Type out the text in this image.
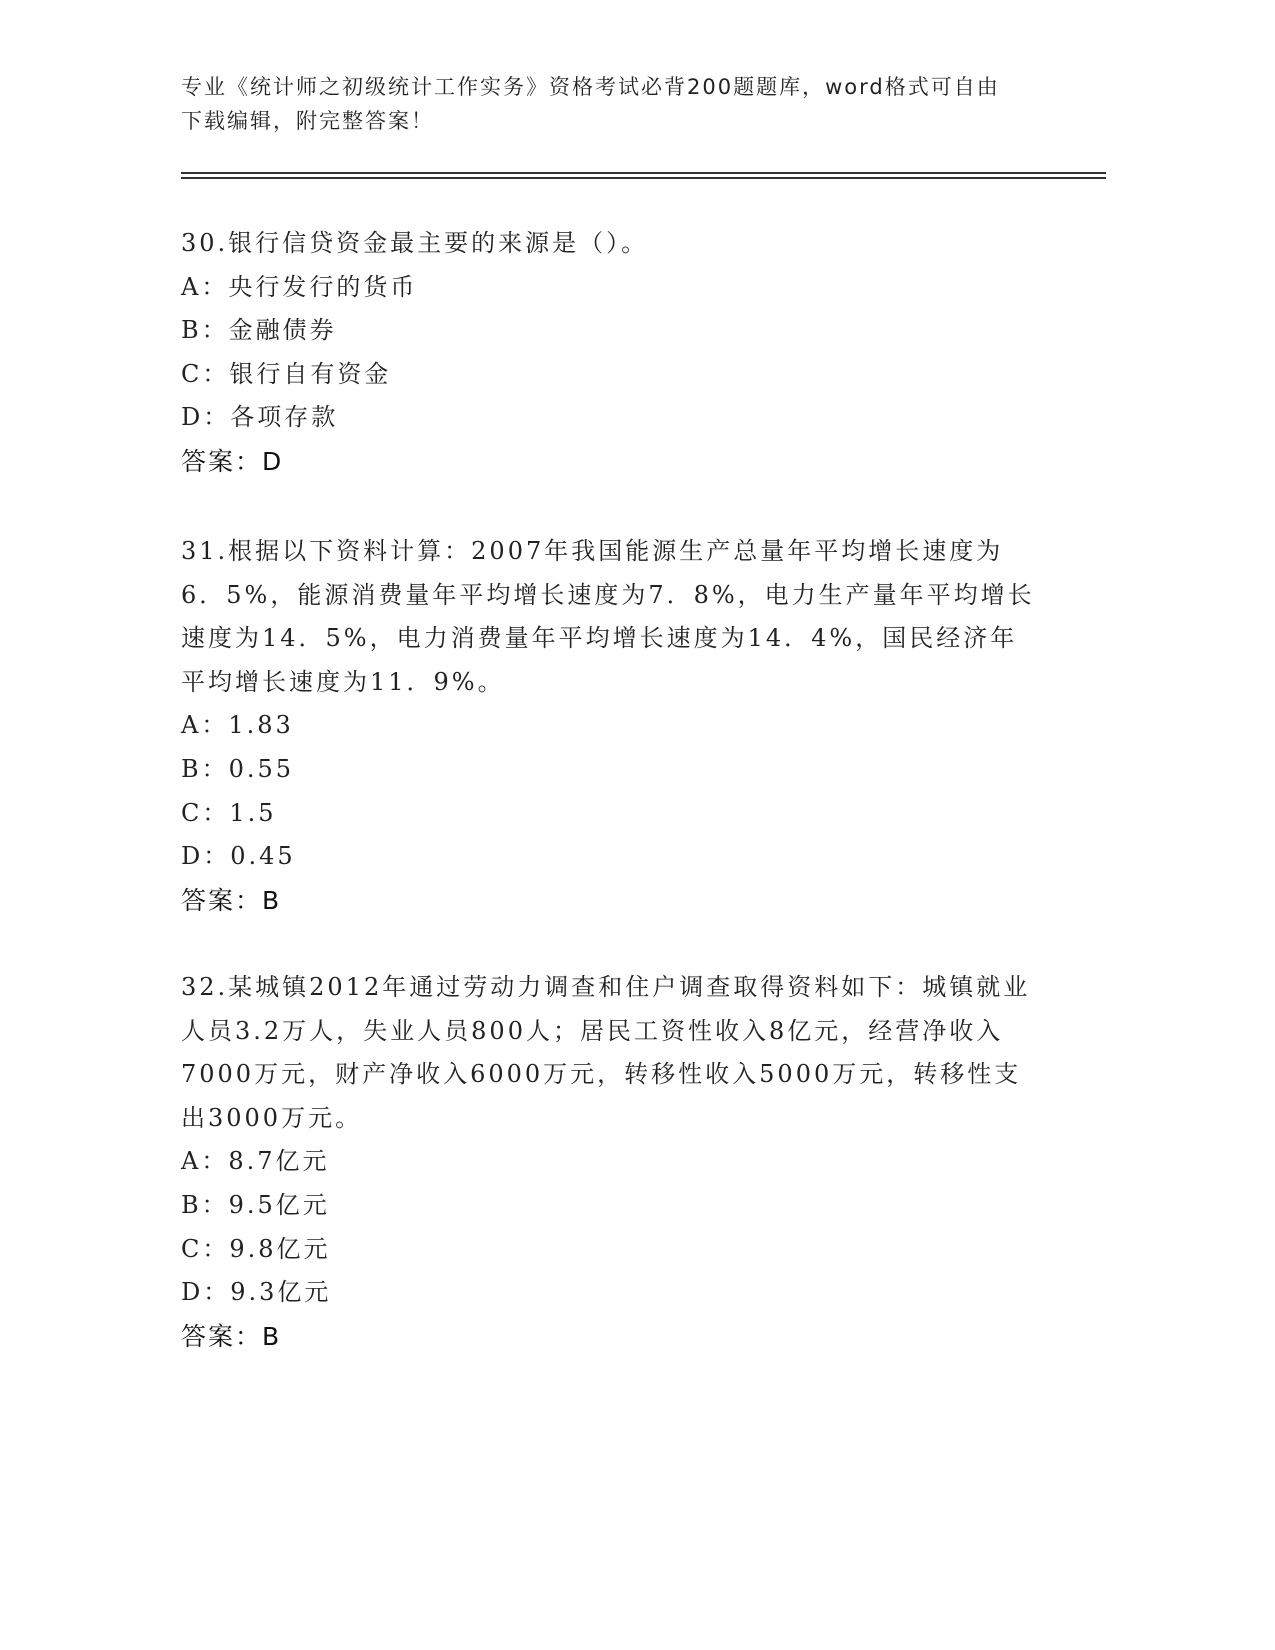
专业《统计师之初级统计工作实务》资格考试必背200题题库，word格式可自由
下载编辑，附完整答案！

30.银行信贷资金最主要的来源是（）。

A：央行发行的货币
B：金融债券
C：银行自有资金
D：各项存款
答案：D

31.根据以下资料计算：2007年我国能源生产总量年平均增长速度为6．5%，能源消费量年平均增长速度为7．8%，电力生产量年平均增长速度为14．5%，电力消费量年平均增长速度为14．4%，国民经济年平均增长速度为11．9%。

A：1.83
B：0.55
C：1.5
D：0.45
答案：B

32.某城镇2012年通过劳动力调查和住户调查取得资料如下：城镇就业人员3.2万人，失业人员800人；居民工资性收入8亿元，经营净收入7000万元，财产净收入6000万元，转移性收入5000万元，转移性支出3000万元。

A：8.7亿元
B：9.5亿元
C：9.8亿元
D：9.3亿元
答案：B
